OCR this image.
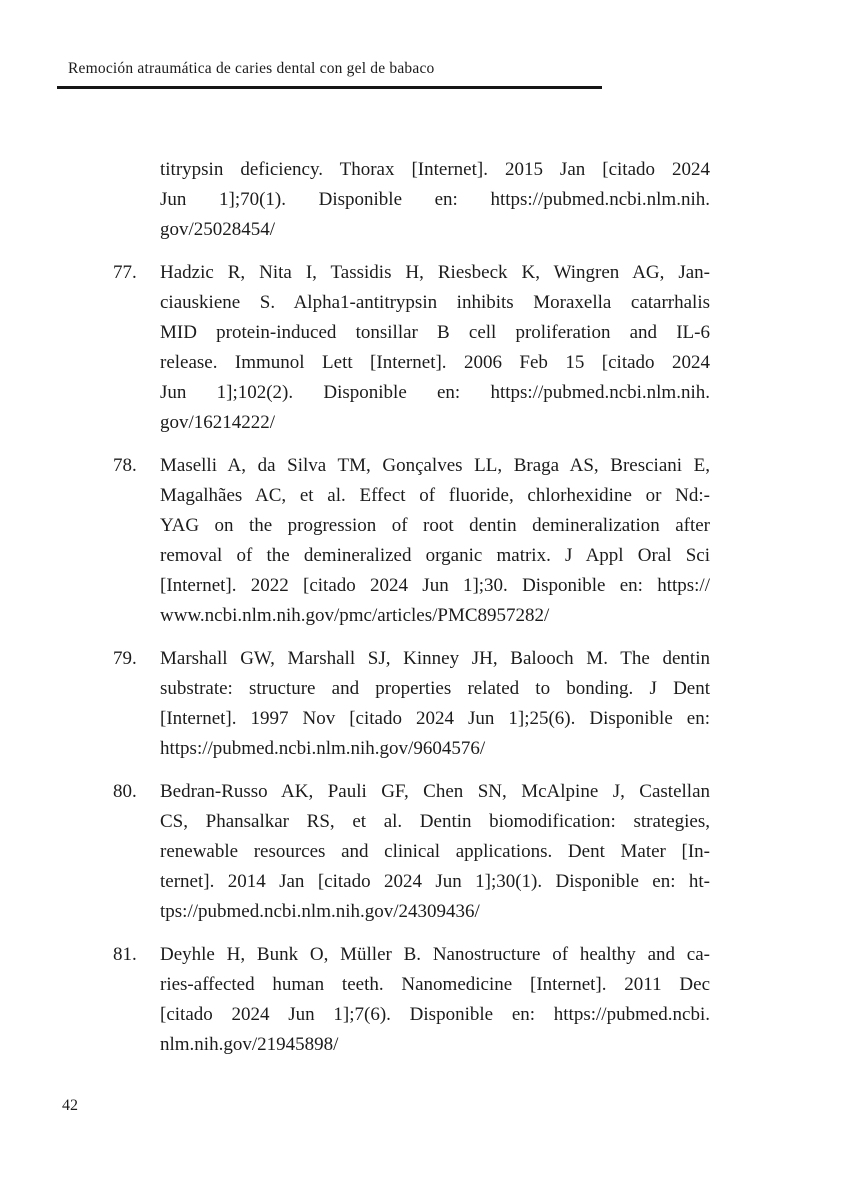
Remoción atraumática de caries dental con gel de babaco
titrypsin deficiency. Thorax [Internet]. 2015 Jan [citado 2024
Jun 1];70(1). Disponible en: https://pubmed.ncbi.nlm.nih.
gov/25028454/
77.	Hadzic R, Nita I, Tassidis H, Riesbeck K, Wingren AG, Jan-
ciauskiene S. Alpha1-antitrypsin inhibits Moraxella catarrhalis
MID protein-induced tonsillar B cell proliferation and IL-6
release. Immunol Lett [Internet]. 2006 Feb 15 [citado 2024
Jun 1];102(2). Disponible en: https://pubmed.ncbi.nlm.nih.
gov/16214222/
78.	Maselli A, da Silva TM, Gonçalves LL, Braga AS, Bresciani E,
Magalhães AC, et al. Effect of fluoride, chlorhexidine or Nd:-
YAG on the progression of root dentin demineralization after
removal of the demineralized organic matrix. J Appl Oral Sci
[Internet]. 2022 [citado 2024 Jun 1];30. Disponible en: https://
www.ncbi.nlm.nih.gov/pmc/articles/PMC8957282/
79.	Marshall GW, Marshall SJ, Kinney JH, Balooch M. The dentin
substrate: structure and properties related to bonding. J Dent
[Internet]. 1997 Nov [citado 2024 Jun 1];25(6). Disponible en:
https://pubmed.ncbi.nlm.nih.gov/9604576/
80.	Bedran-Russo AK, Pauli GF, Chen SN, McAlpine J, Castellan
CS, Phansalkar RS, et al. Dentin biomodification: strategies,
renewable resources and clinical applications. Dent Mater [In-
ternet]. 2014 Jan [citado 2024 Jun 1];30(1). Disponible en: ht-
tps://pubmed.ncbi.nlm.nih.gov/24309436/
81.	Deyhle H, Bunk O, Müller B. Nanostructure of healthy and ca-
ries-affected human teeth. Nanomedicine [Internet]. 2011 Dec
[citado 2024 Jun 1];7(6). Disponible en: https://pubmed.ncbi.
nlm.nih.gov/21945898/
42
